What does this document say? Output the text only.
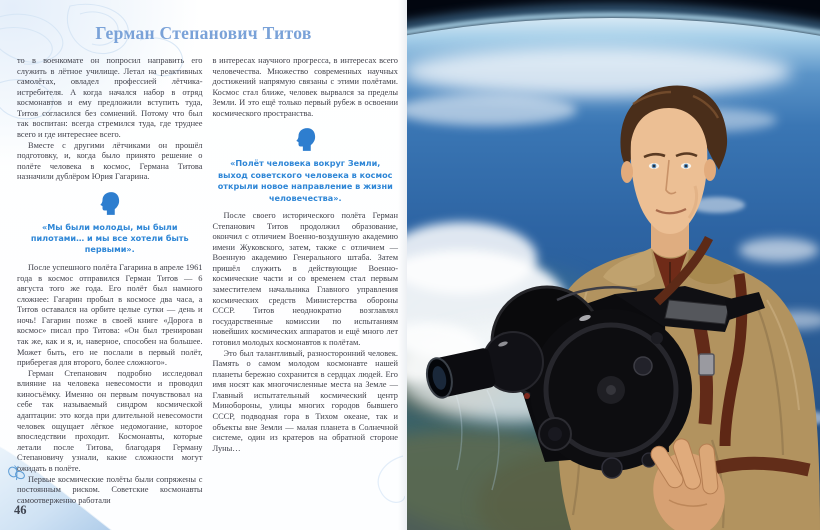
Герман Степанович Титов

то в военкомате он попросил направить его служить в лётное училище. Летал на реактивных самолётах, овладел профессией лётчика-истребителя. А когда начался набор в отряд космонавтов и ему предложили вступить туда, Титов согласился без сомнений. Потому что был так воспитан: всегда стремился туда, где труднее всего и где интереснее всего.

Вместе с другими лётчиками он прошёл подготовку, и, когда было принято решение о полёте человека в космос, Германа Титова назначили дублёром Юрия Гагарина.

«Мы были молоды, мы были пилотами… и мы все хотели быть первыми».

После успешного полёта Гагарина в апреле 1961 года в космос отправился Герман Титов — 6 августа того же года. Его полёт был намного сложнее: Гагарин пробыл в космосе два часа, а Титов оставался на орбите целые сутки — день и ночь! Гагарин позже в своей книге «Дорога в космос» писал про Титова: «Он был тренирован так же, как и я, и, наверное, способен на большее. Может быть, его не послали в первый полёт, приберегая для второго, более сложного».

Герман Степанович подробно исследовал влияние на человека невесомости и проводил киносъёмку. Именно он первым почувствовал на себе так называемый синдром космической адаптации: это когда при длительной невесомости человек ощущает лёгкое недомогание, которое впоследствии проходит. Космонавты, которые летали после Титова, благодаря Герману Степановичу узнали, какие сложности могут ожидать в полёте.

Первые космические полёты были сопряжены с постоянным риском. Советские космонавты самоотверженно работали

в интересах научного прогресса, в интересах всего человечества. Множество современных научных достижений напрямую связаны с этими полётами. Космос стал ближе, человек вырвался за пределы Земли. И это ещё только первый рубеж в освоении космического пространства.

«Полёт человека вокруг Земли, выход советского человека в космос открыли новое направление в жизни человечества».

После своего исторического полёта Герман Степанович Титов продолжил образование, окончил с отличием Военно-воздушную академию имени Жуковского, затем, также с отличием — Военную академию Генерального штаба. Затем пришёл служить в действующие Военно-космические части и со временем стал первым заместителем начальника Главного управления космических средств Министерства обороны СССР. Титов неоднократно возглавлял государственные комиссии по испытаниям новейших космических аппаратов и ещё много лет готовил молодых космонавтов к полётам.

Это был талантливый, разносторонний человек. Память о самом молодом космонавте нашей планеты бережно сохранится в сердцах людей. Его имя носят как многочисленные места на Земле — Главный испытательный космический центр Минобороны, улицы многих городов бывшего СССР, подводная гора в Тихом океане, так и объекты вне Земли — малая планета в Солнечной системе, один из кратеров на обратной стороне Луны…

46
